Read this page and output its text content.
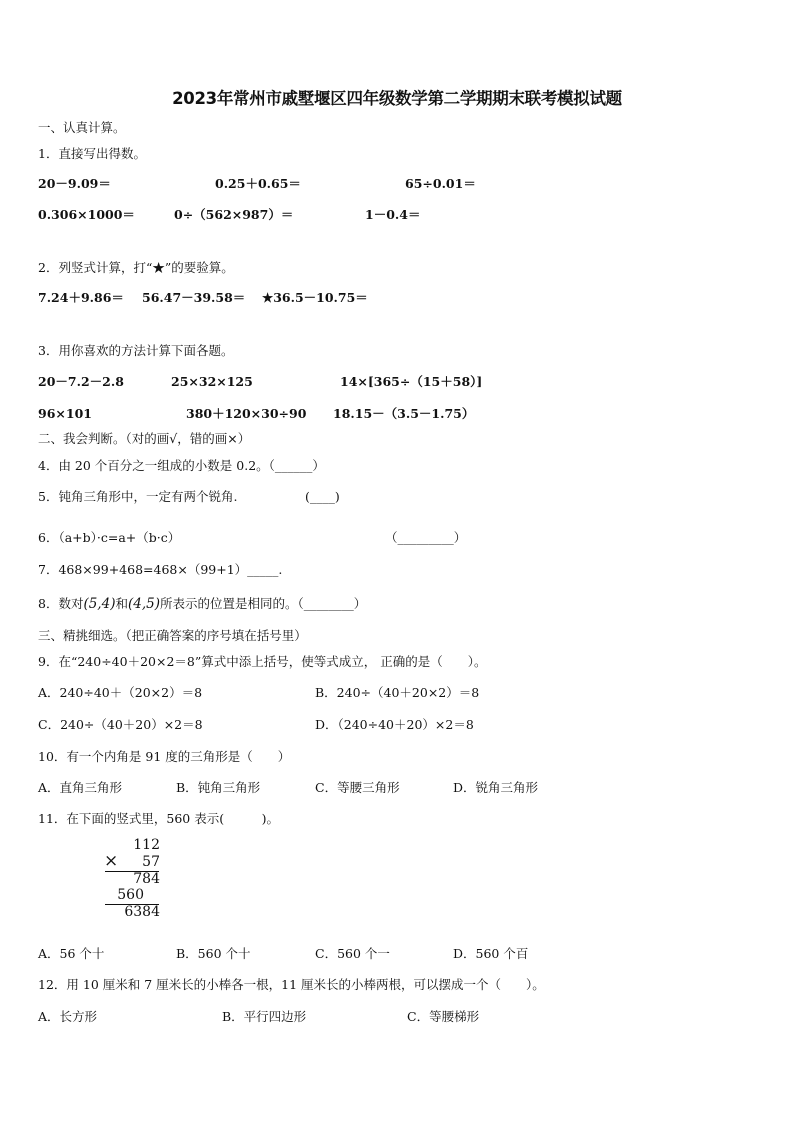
2023年常州市戚墅堰区四年级数学第二学期期末联考模拟试题
一、认真计算。
1．直接写出得数。
20－9.09＝	0.25＋0.65＝	65÷0.01＝
0.306×1000＝	0÷（562×987）＝	1－0.4＝
2．列竖式计算，打“★”的要验算。
7.24＋9.86＝ 56.47－39.58＝ ★36.5－10.75＝
3．用你喜欢的方法计算下面各题。
20－7.2－2.8	25×32×125	14×[365÷（15＋58）]
96×101	380＋120×30÷90 18.15－（3.5－1.75）
二、我会判断。（对的画√，错的画×）
4．由 20 个百分之一组成的小数是 0.2。（______）
5．钝角三角形中，一定有两个锐角.	(____)
6．（a+b）·c=a+（b·c）	（_________）
7．468×99+468=468×（99+1）_____.
8．数对(5,4)和(4,5)所表示的位置是相同的。（________）
三、精挑细选。（把正确答案的序号填在括号里）
9．在“240÷40＋20×2＝8”算式中添上括号，使等式成立， 正确的是（　　）。
A．240÷40＋（20×2）＝8	B．240÷（40＋20×2）＝8
C．240÷（40＋20）×2＝8	D．（240÷40＋20）×2＝8
10．有一个内角是 91 度的三角形是（　　）
A．直角三角形	B．钝角三角形	C．等腰三角形	D．锐角三角形
11．在下面的竖式里，560 表示(　　　)。
112
× 57
784
560
6384
A．56 个十	B．560 个十	C．560 个一	D．560 个百
12．用 10 厘米和 7 厘米长的小棒各一根，11 厘米长的小棒两根，可以摆成一个（　　）。
A．长方形	B．平行四边形	C．等腰梯形
